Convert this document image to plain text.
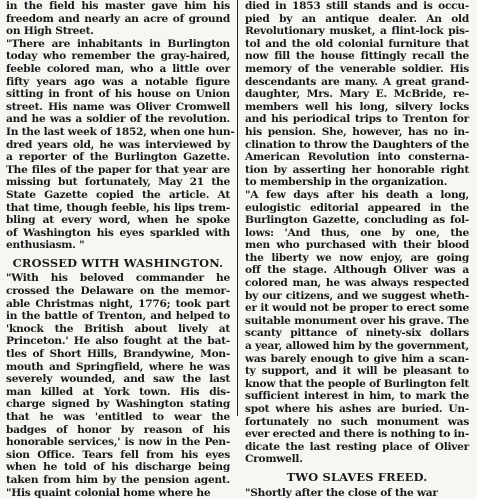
in the field his master gave him his
freedom and nearly an acre of ground
on High Street.
"There are inhabitants in Burlington
today who remember the gray-haired,
feeble colored man, who a little over
fifty years ago was a notable figure
sitting in front of his house on Union
street. His name was Oliver Cromwell
and he was a soldier of the revolution.
In the last week of 1852, when one hun-
dred years old, he was interviewed by
a reporter of the Burlington Gazette.
The files of the paper for that year are
missing but fortunately, May 21 the
State Gazette copied the article. At
that time, though feeble, his lips trem-
bling at every word, when he spoke
of Washington his eyes sparkled with
enthusiasm. "
CROSSED WITH WASHINGTON.
"With his beloved commander he
crossed the Delaware on the memor-
able Christmas night, 1776; took part
in the battle of Trenton, and helped to
'knock the British about lively at
Princeton.' He also fought at the bat-
tles of Short Hills, Brandywine, Mon-
mouth and Springfield, where he was
severely wounded, and saw the last
man killed at York town. His dis-
charge signed by Washington stating
that he was 'entitled to wear the
badges of honor by reason of his
honorable services,' is now in the Pen-
sion Office. Tears fell from his eyes
when he told of his discharge being
taken from him by the pension agent.
"His quaint colonial home where he
died in 1853 still stands and is occu-
pied by an antique dealer. An old
Revolutionary musket, a flint-lock pis-
tol and the old colonial furniture that
now fill the house fittingly recall the
memory of the venerable soldier. His
descendants are many. A great grand-
daughter, Mrs. Mary E. McBride, re-
members well his long, silvery locks
and his periodical trips to Trenton for
his pension. She, however, has no in-
clination to throw the Daughters of the
American Revolution into consterna-
tion by asserting her honorable right
to membership in the organization.
"A few days after his death a long,
eulogistic editorial appeared in the
Burlington Gazette, concluding as fol-
lows: 'And thus, one by one, the
men who purchased with their blood
the liberty we now enjoy, are going
off the stage. Although Oliver was a
colored man, he was always respected
by our citizens, and we suggest wheth-
er it would not be proper to erect some
suitable monument over his grave. The
scanty pittance of ninety-six dollars
a year, allowed him by the government,
was barely enough to give him a scan-
ty support, and it will be pleasant to
know that the people of Burlington felt
sufficient interest in him, to mark the
spot where his ashes are buried. Un-
fortunately no such monument was
ever erected and there is nothing to in-
dicate the last resting place of Oliver
Cromwell.
TWO SLAVES FREED.
"Shortly after the close of the war
